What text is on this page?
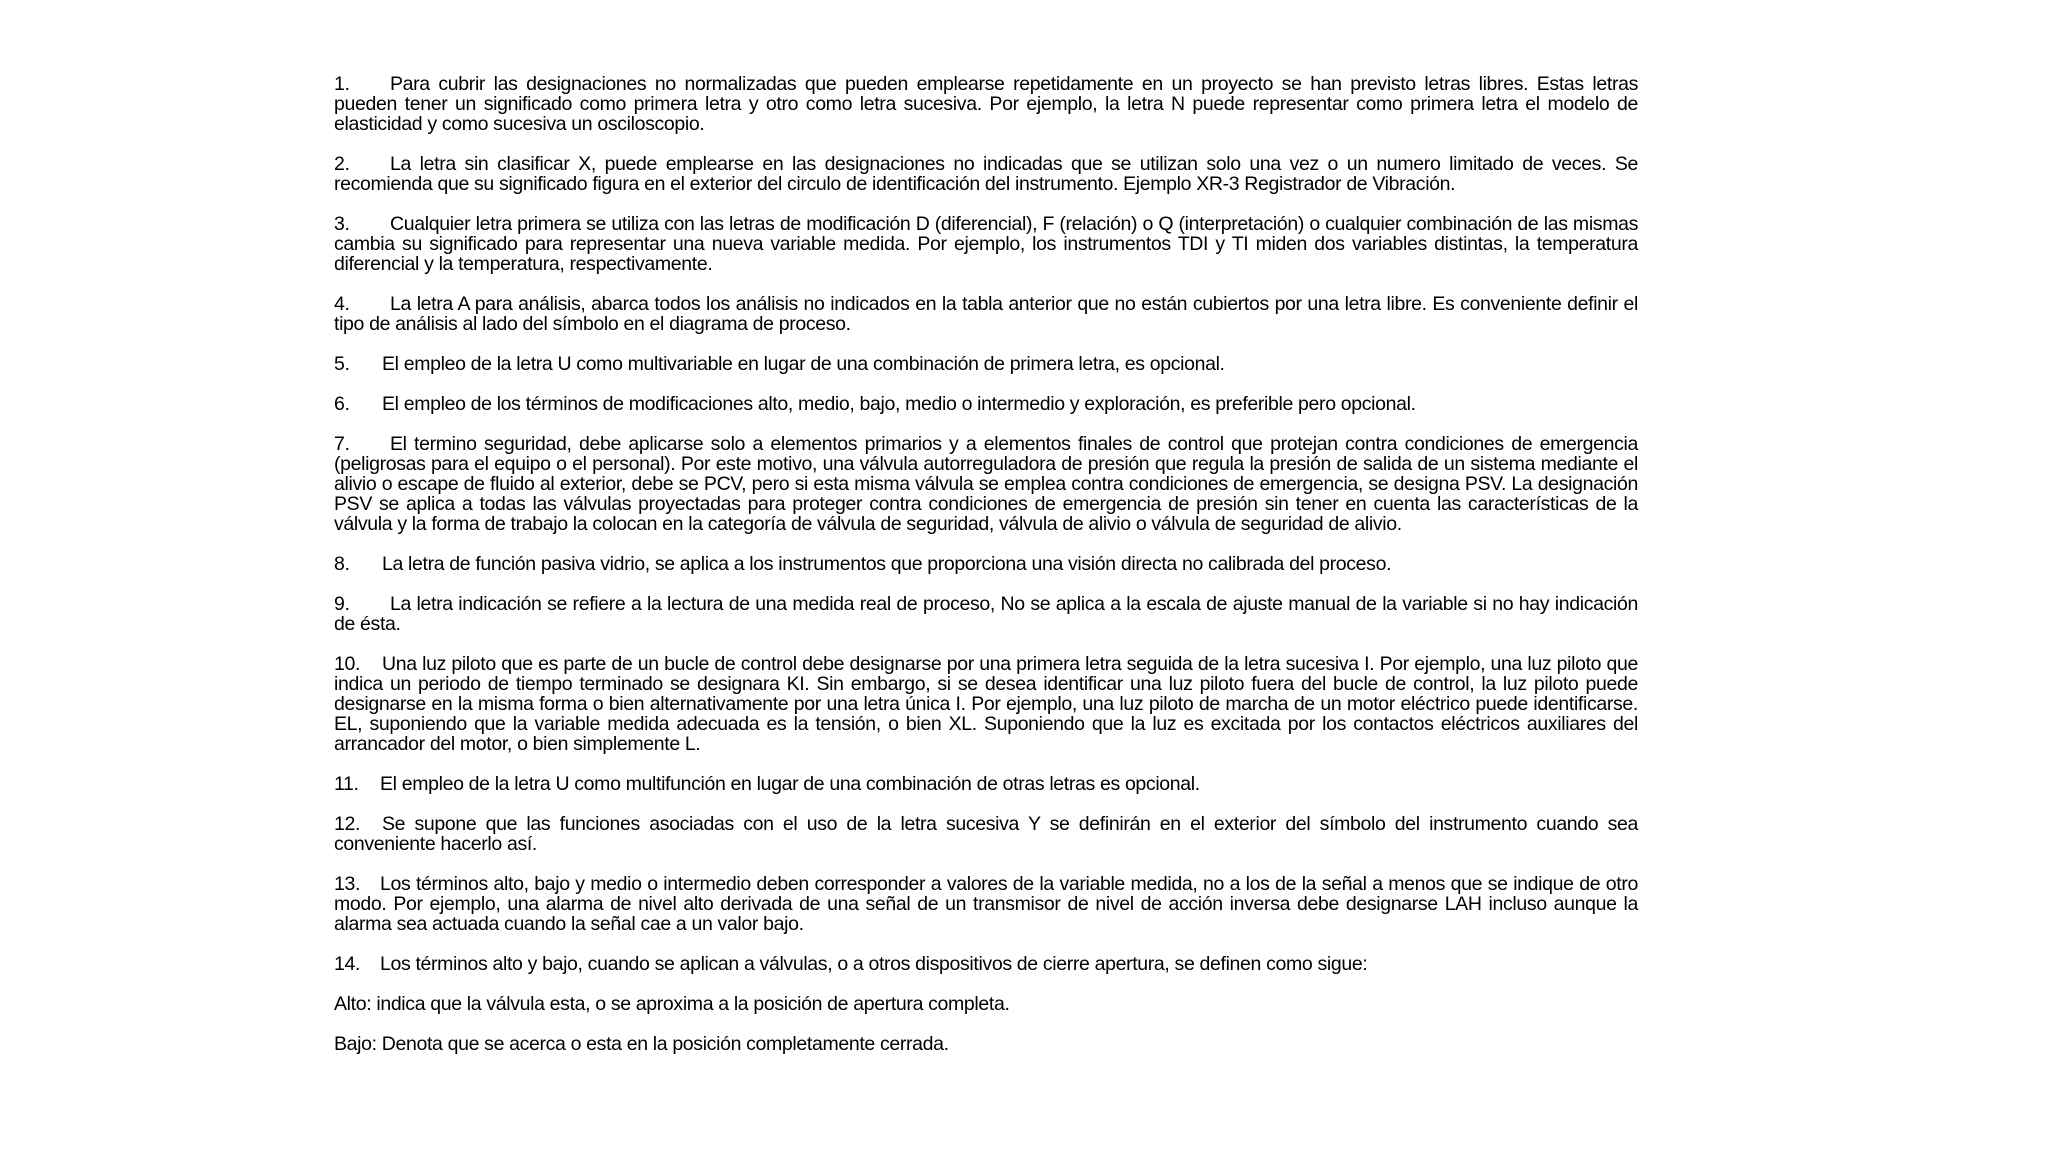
1. Para cubrir las designaciones no normalizadas que pueden emplearse repetidamente en un proyecto se han previsto letras libres. Estas letras pueden tener un significado como primera letra y otro como letra sucesiva. Por ejemplo, la letra N puede representar como primera letra el modelo de elasticidad y como sucesiva un osciloscopio.

2. La letra sin clasificar X, puede emplearse en las designaciones no indicadas que se utilizan solo una vez o un numero limitado de veces. Se recomienda que su significado figura en el exterior del circulo de identificación del instrumento. Ejemplo XR-3 Registrador de Vibración.

3. Cualquier letra primera se utiliza con las letras de modificación D (diferencial), F (relación) o Q (interpretación) o cualquier combinación de las mismas cambia su significado para representar una nueva variable medida. Por ejemplo, los instrumentos TDI y TI miden dos variables distintas, la temperatura diferencial y la temperatura, respectivamente.

4. La letra A para análisis, abarca todos los análisis no indicados en la tabla anterior que no están cubiertos por una letra libre. Es conveniente definir el tipo de análisis al lado del símbolo en el diagrama de proceso.

5. El empleo de la letra U como multivariable en lugar de una combinación de primera letra, es opcional.

6. El empleo de los términos de modificaciones alto, medio, bajo, medio o intermedio y exploración, es preferible pero opcional.

7. El termino seguridad, debe aplicarse solo a elementos primarios y a elementos finales de control que protejan contra condiciones de emergencia (peligrosas para el equipo o el personal). Por este motivo, una válvula autorreguladora de presión que regula la presión de salida de un sistema mediante el alivio o escape de fluido al exterior, debe se PCV, pero si esta misma válvula se emplea contra condiciones de emergencia, se designa PSV. La designación PSV se aplica a todas las válvulas proyectadas para proteger contra condiciones de emergencia de presión sin tener en cuenta las características de la válvula y la forma de trabajo la colocan en la categoría de válvula de seguridad, válvula de alivio o válvula de seguridad de alivio.

8. La letra de función pasiva vidrio, se aplica a los instrumentos que proporciona una visión directa no calibrada del proceso.

9. La letra indicación se refiere a la lectura de una medida real de proceso, No se aplica a la escala de ajuste manual de la variable si no hay indicación de ésta.

10. Una luz piloto que es parte de un bucle de control debe designarse por una primera letra seguida de la letra sucesiva I. Por ejemplo, una luz piloto que indica un periodo de tiempo terminado se designara KI. Sin embargo, si se desea identificar una luz piloto fuera del bucle de control, la luz piloto puede designarse en la misma forma o bien alternativamente por una letra única I. Por ejemplo, una luz piloto de marcha de un motor eléctrico puede identificarse. EL, suponiendo que la variable medida adecuada es la tensión, o bien XL. Suponiendo que la luz es excitada por los contactos eléctricos auxiliares del arrancador del motor, o bien simplemente L.

11. El empleo de la letra U como multifunción en lugar de una combinación de otras letras es opcional.

12. Se supone que las funciones asociadas con el uso de la letra sucesiva Y se definirán en el exterior del símbolo del instrumento cuando sea conveniente hacerlo así.

13. Los términos alto, bajo y medio o intermedio deben corresponder a valores de la variable medida, no a los de la señal a menos que se indique de otro modo. Por ejemplo, una alarma de nivel alto derivada de una señal de un transmisor de nivel de acción inversa debe designarse LAH incluso aunque la alarma sea actuada cuando la señal cae a un valor bajo.

14. Los términos alto y bajo, cuando se aplican a válvulas, o a otros dispositivos de cierre apertura, se definen como sigue:

Alto: indica que la válvula esta, o se aproxima a la posición de apertura completa.

Bajo: Denota que se acerca o esta en la posición completamente cerrada.
